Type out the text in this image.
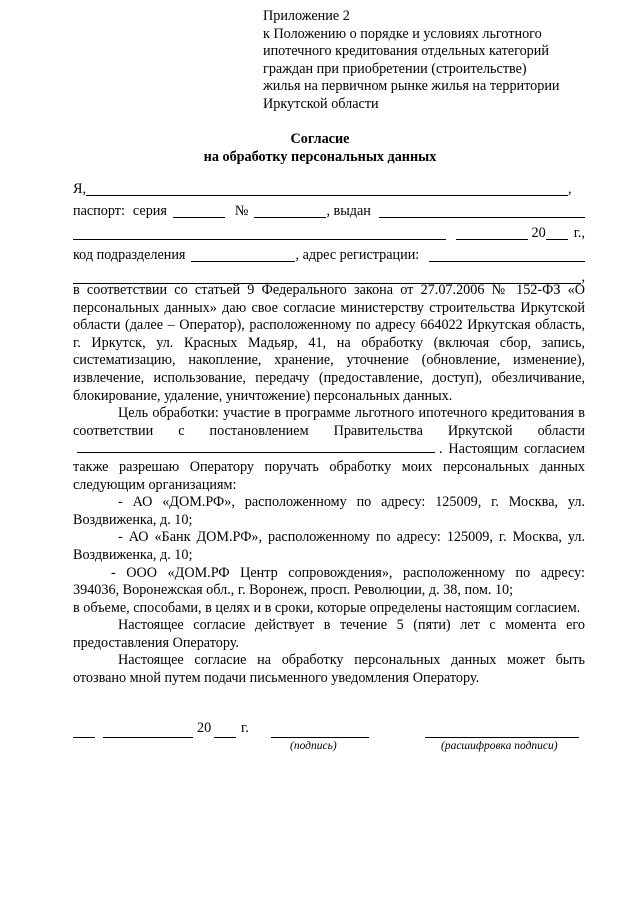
Приложение 2
к Положению о порядке и условиях льготного
ипотечного кредитования отдельных категорий
граждан при приобретении (строительстве)
жилья на первичном рынке жилья на территории
Иркутской области
Согласие
на обработку персональных данных
Я,	,
паспорт: серия	№	, выдан
20 г.,
код подразделения	, адрес регистрации:
,

в соответствии со статьей 9 Федерального закона от 27.07.2006 № 152-ФЗ «О персональных данных» даю свое согласие министерству строительства Иркутской области (далее – Оператор), расположенному по адресу 664022 Иркутская область, г. Иркутск, ул. Красных Мадьяр, 41, на обработку (включая сбор, запись, систематизацию, накопление, хранение, уточнение (обновление, изменение), извлечение, использование, передачу (предоставление, доступ), обезличивание, блокирование, удаление, уничтожение) персональных данных.

Цель обработки: участие в программе льготного ипотечного кредитования в соответствии с постановлением Правительства Иркутской области. Настоящим согласием также разрешаю Оператору поручать обработку моих персональных данных следующим организациям:

- АО «ДОМ.РФ», расположенному по адресу: 125009, г. Москва, ул. Воздвиженка, д. 10;

- АО «Банк ДОМ.РФ», расположенному по адресу: 125009, г. Москва, ул. Воздвиженка, д. 10;

- ООО «ДОМ.РФ Центр сопровождения», расположенному по адресу: 394036, Воронежская обл., г. Воронеж, просп. Революции, д. 38, пом. 10;

в объеме, способами, в целях и в сроки, которые определены настоящим согласием.

Настоящее согласие действует в течение 5 (пяти) лет с момента его предоставления Оператору.

Настоящее согласие на обработку персональных данных может быть отозвано мной путем подачи письменного уведомления Оператору.

20 г.
(подпись)	(расшифровка подписи)
